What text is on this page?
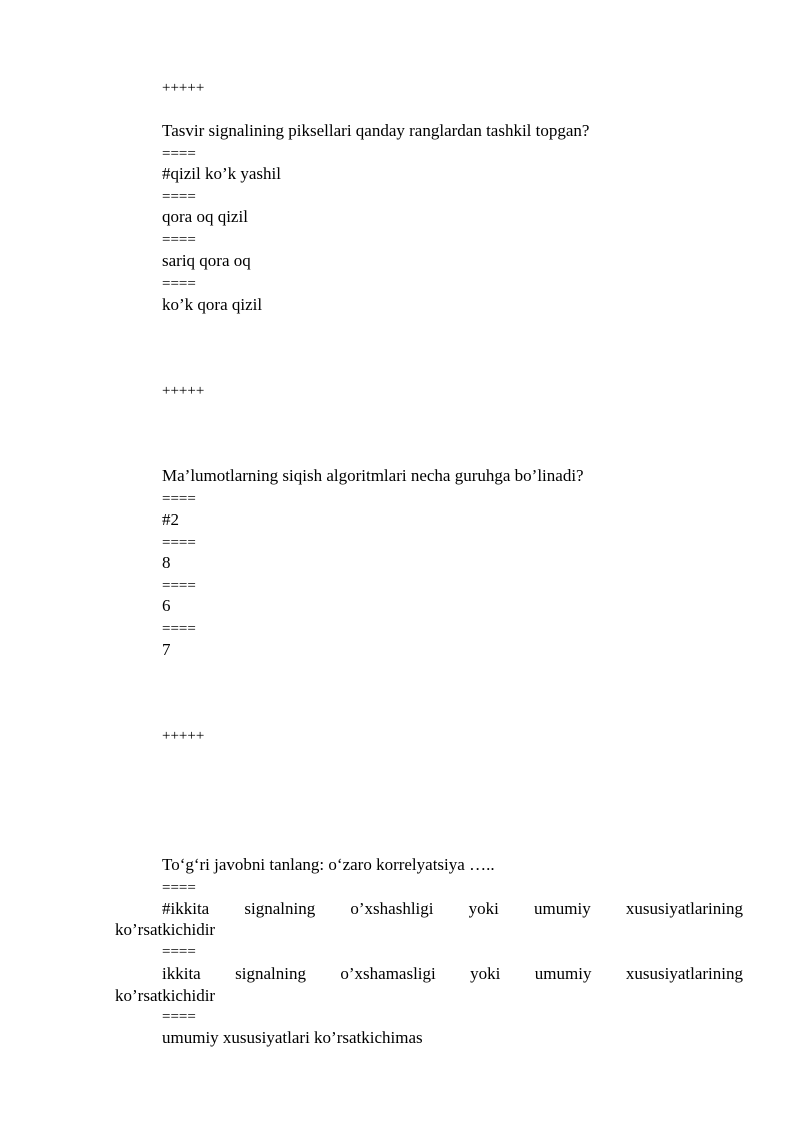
+++++
Tasvir signalining piksellari qanday ranglardan tashkil topgan?
====
#qizil ko’k yashil
====
qora oq qizil
====
sariq qora oq
====
ko’k qora qizil
+++++
Ma’lumotlarning siqish algoritmlari necha guruhga bo’linadi?
====
#2
====
8
====
6
====
7
+++++
To‘g‘ri javobni tanlang: o‘zaro korrelyatsiya …..
====
#ikkita signalning o’xshashligi yoki umumiy xususiyatlarining
ko’rsatkichidir
====
ikkita signalning o’xshamasligi yoki umumiy xususiyatlarining
ko’rsatkichidir
====
umumiy xususiyatlari ko’rsatkichimas
